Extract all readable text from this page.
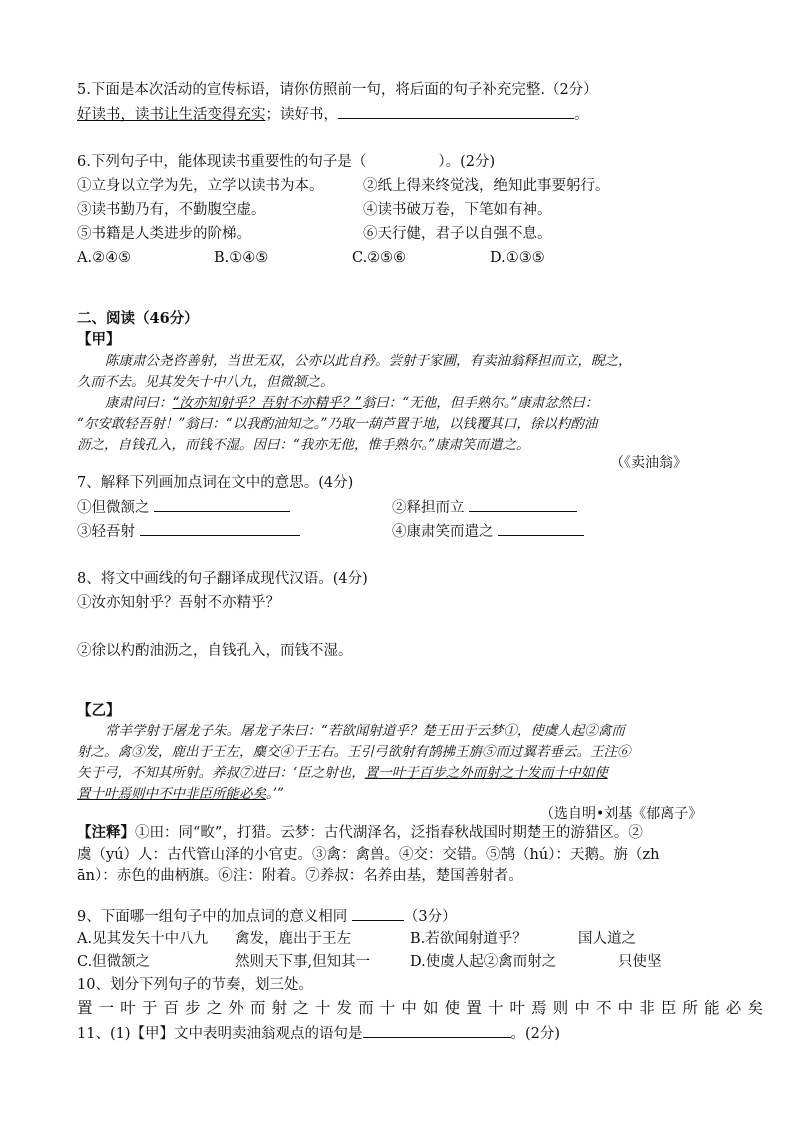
5.下面是本次活动的宣传标语，请你仿照前一句，将后面的句子补充完整.（2分）
好读书，读书让生活变得充实；读好书，	。
6.下列句子中，能体现读书重要性的句子是（	）。(2分)
①立身以立学为先，立学以读书为本。	②纸上得来终觉浅，绝知此事要躬行。
③读书勤乃有，不勤腹空虚。	④读书破万卷，下笔如有神。
⑤书籍是人类进步的阶梯。	⑥天行健，君子以自强不息。
A.②④⑤	B.①④⑤	C.②⑤⑥	D.①③⑤
二、阅读（46分）
【甲】
陈康肃公尧咨善射，当世无双，公亦以此自矜。尝射于家圃，有卖油翁释担而立，睨之，
久而不去。见其发矢十中八九，但微颔之。
康肃问曰：“汝亦知射乎？吾射不亦精乎？”翁曰：“无他，但手熟尔。”康肃忿然曰：
“尔安敢轻吾射！”翁曰：“以我酌油知之。”乃取一葫芦置于地，以钱覆其口，徐以杓酌油
沥之，自钱孔入，而钱不湿。因曰：“我亦无他，惟手熟尔。”康肃笑而遣之。
（《卖油翁》
7、解释下列画加点词在文中的意思。(4分)
①但微颔之	②释担而立
③轻吾射	④康肃笑而遣之
8、将文中画线的句子翻译成现代汉语。(4分)
①汝亦知射乎？吾射不亦精乎？
②徐以杓酌油沥之，自钱孔入，而钱不湿。
【乙】
常羊学射于屠龙子朱。屠龙子朱曰：“若欲闻射道乎？楚王田于云梦①，使虞人起②禽而
射之。禽③发，鹿出于王左，麋交④于王右。王引弓欲射有鹄拂王旃⑤而过翼若垂云。王注⑥
矢于弓，不知其所射。养叔⑦进曰：‘臣之射也，置一叶于百步之外而射之十发而十中如使
置十叶焉则中不中非臣所能必矣。’”
（选自明•刘基《郁离子》
【注释】①田：同“畋”，打猎。云梦：古代湖泽名，泛指春秋战国时期楚王的游猎区。②
虞（yú）人：古代管山泽的小官吏。③禽：禽兽。④交：交错。⑤鹄（hú）：天鹅。旃（zh
ān）：赤色的曲柄旗。⑥注：附着。⑦养叔：名养由基，楚国善射者。
9、下面哪一组句子中的加点词的意义相同	（3分）
A.见其发矢十中八九 禽发，鹿出于王左	B.若欲闻射道乎？	国人道之
C.但微颔之	然则天下事,但知其一	D.使虞人起②禽而射之	只使坚
10、划分下列句子的节奏，划三处。
置 一 叶 于 百 步 之 外 而 射 之 十 发 而 十 中 如 使 置 十 叶 焉 则 中 不 中 非 臣 所 能 必 矣
11、(1)【甲】文中表明卖油翁观点的语句是	。(2分)
